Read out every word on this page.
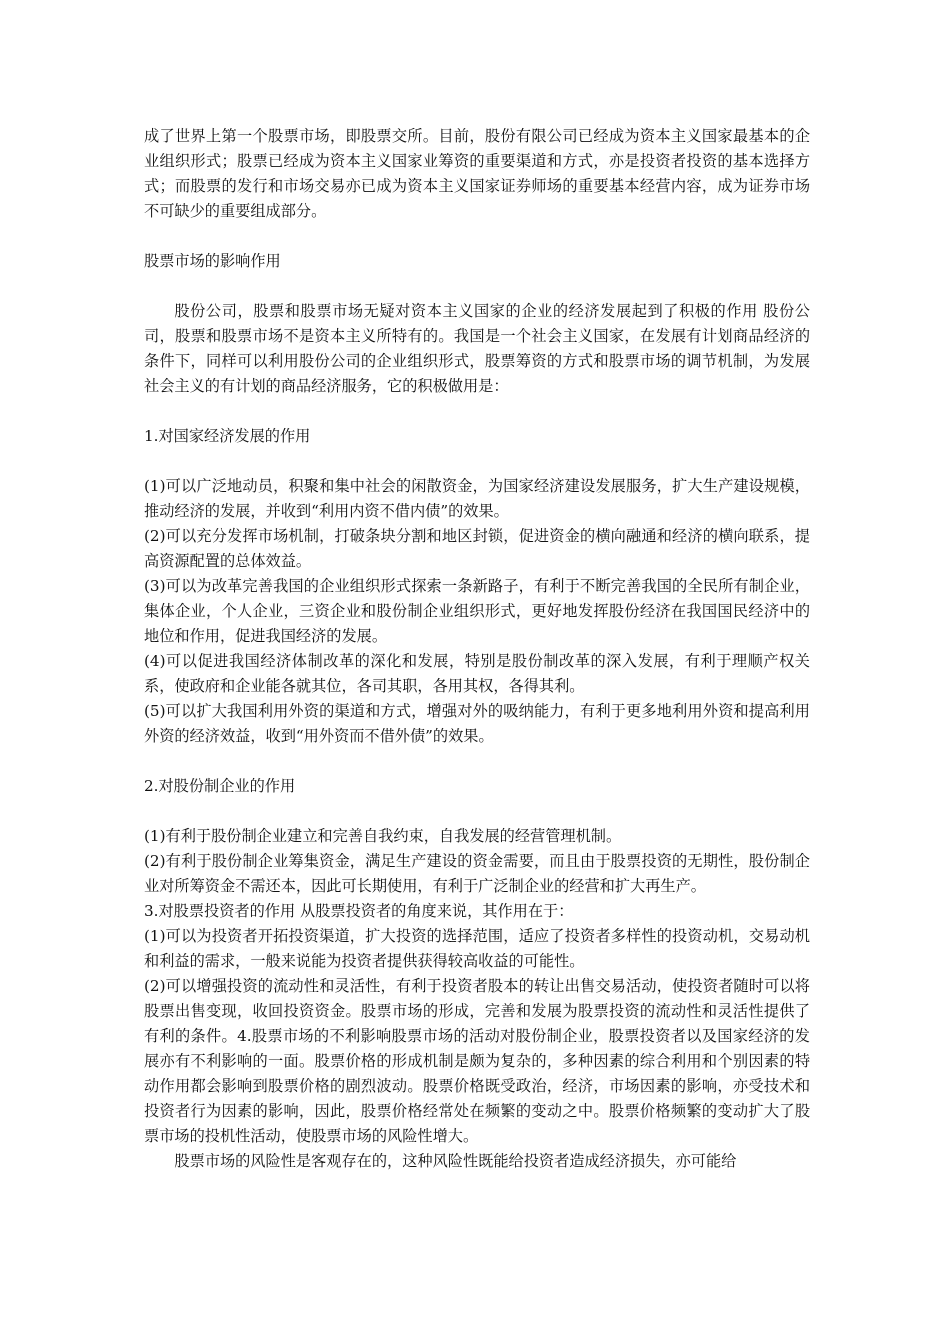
成了世界上第一个股票市场，即股票交所。目前，股份有限公司已经成为资本主义国家最基本的企业组织形式；股票已经成为资本主义国家业筹资的重要渠道和方式，亦是投资者投资的基本选择方式；而股票的发行和市场交易亦已成为资本主义国家证券师场的重要基本经营内容，成为证券市场不可缺少的重要组成部分。

股票市场的影响作用

股份公司，股票和股票市场无疑对资本主义国家的企业的经济发展起到了积极的作用 股份公司，股票和股票市场不是资本主义所特有的。我国是一个社会主义国家，在发展有计划商品经济的条件下，同样可以利用股份公司的企业组织形式，股票筹资的方式和股票市场的调节机制，为发展社会主义的有计划的商品经济服务，它的积极做用是：

1.对国家经济发展的作用

(1)可以广泛地动员，积聚和集中社会的闲散资金，为国家经济建设发展服务，扩大生产建设规模，推动经济的发展，并收到“利用内资不借内债”的效果。

(2)可以充分发挥市场机制，打破条块分割和地区封锁，促进资金的横向融通和经济的横向联系，提高资源配置的总体效益。

(3)可以为改革完善我国的企业组织形式探索一条新路子，有利于不断完善我国的全民所有制企业，集体企业，个人企业，三资企业和股份制企业组织形式，更好地发挥股份经济在我国国民经济中的地位和作用，促进我国经济的发展。

(4)可以促进我国经济体制改革的深化和发展，特别是股份制改革的深入发展，有利于理顺产权关系，使政府和企业能各就其位，各司其职，各用其权，各得其利。

(5)可以扩大我国利用外资的渠道和方式，增强对外的吸纳能力，有利于更多地利用外资和提高利用外资的经济效益，收到“用外资而不借外债”的效果。

2.对股份制企业的作用

(1)有利于股份制企业建立和完善自我约束，自我发展的经营管理机制。

(2)有利于股份制企业筹集资金，满足生产建设的资金需要，而且由于股票投资的无期性，股份制企业对所筹资金不需还本，因此可长期使用，有利于广泛制企业的经营和扩大再生产。

3.对股票投资者的作用 从股票投资者的角度来说，其作用在于：

(1)可以为投资者开拓投资渠道，扩大投资的选择范围，适应了投资者多样性的投资动机，交易动机和利益的需求，一般来说能为投资者提供获得较高收益的可能性。

(2)可以增强投资的流动性和灵活性，有利于投资者股本的转让出售交易活动，使投资者随时可以将股票出售变现，收回投资资金。股票市场的形成，完善和发展为股票投资的流动性和灵活性提供了有利的条件。4.股票市场的不利影响股票市场的活动对股份制企业，股票投资者以及国家经济的发展亦有不利影响的一面。股票价格的形成机制是颇为复杂的，多种因素的综合利用和个别因素的特动作用都会影响到股票价格的剧烈波动。股票价格既受政治，经济，市场因素的影响，亦受技术和投资者行为因素的影响，因此，股票价格经常处在频繁的变动之中。股票价格频繁的变动扩大了股票市场的投机性活动，使股票市场的风险性增大。

股票市场的风险性是客观存在的，这种风险性既能给投资者造成经济损失，亦可能给
